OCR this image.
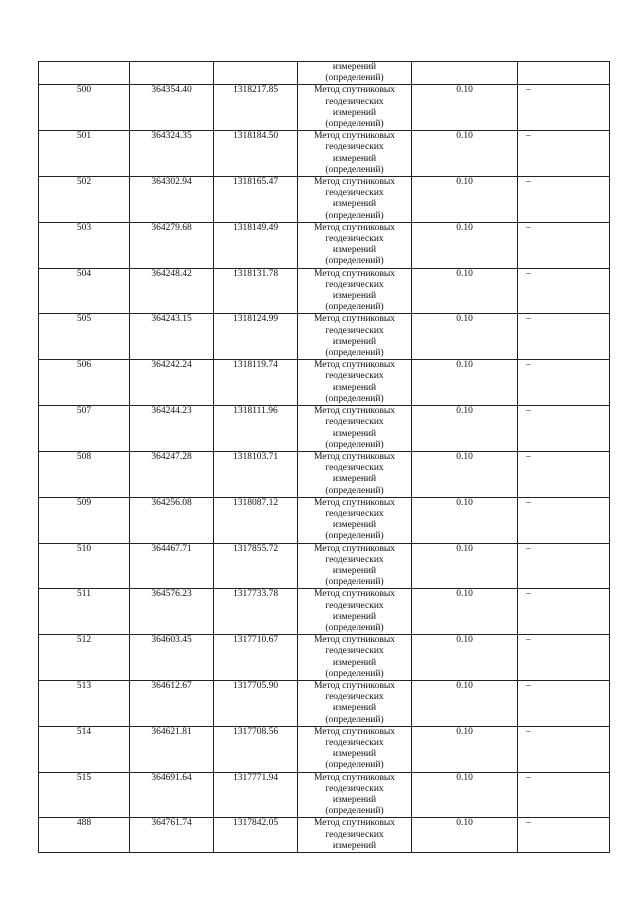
			измерений
(определений)		
500	364354.40	1318217.85	Метод спутниковых
геодезических
измерений
(определений)	0.10	–
501	364324.35	1318184.50	Метод спутниковых
геодезических
измерений
(определений)	0.10	–
502	364302.94	1318165.47	Метод спутниковых
геодезических
измерений
(определений)	0.10	–
503	364279.68	1318149.49	Метод спутниковых
геодезических
измерений
(определений)	0.10	–
504	364248.42	1318131.78	Метод спутниковых
геодезических
измерений
(определений)	0.10	–
505	364243.15	1318124.99	Метод спутниковых
геодезических
измерений
(определений)	0.10	–
506	364242.24	1318119.74	Метод спутниковых
геодезических
измерений
(определений)	0.10	–
507	364244.23	1318111.96	Метод спутниковых
геодезических
измерений
(определений)	0.10	–
508	364247.28	1318103.71	Метод спутниковых
геодезических
измерений
(определений)	0.10	–
509	364256.08	1318087.12	Метод спутниковых
геодезических
измерений
(определений)	0.10	–
510	364467.71	1317855.72	Метод спутниковых
геодезических
измерений
(определений)	0.10	–
511	364576.23	1317733.78	Метод спутниковых
геодезических
измерений
(определений)	0.10	–
512	364603.45	1317710.67	Метод спутниковых
геодезических
измерений
(определений)	0.10	–
513	364612.67	1317705.90	Метод спутниковых
геодезических
измерений
(определений)	0.10	–
514	364621.81	1317708.56	Метод спутниковых
геодезических
измерений
(определений)	0.10	–
515	364691.64	1317771.94	Метод спутниковых
геодезических
измерений
(определений)	0.10	–
488	364761.74	1317842.05	Метод спутниковых
геодезических
измерений	0.10	–
